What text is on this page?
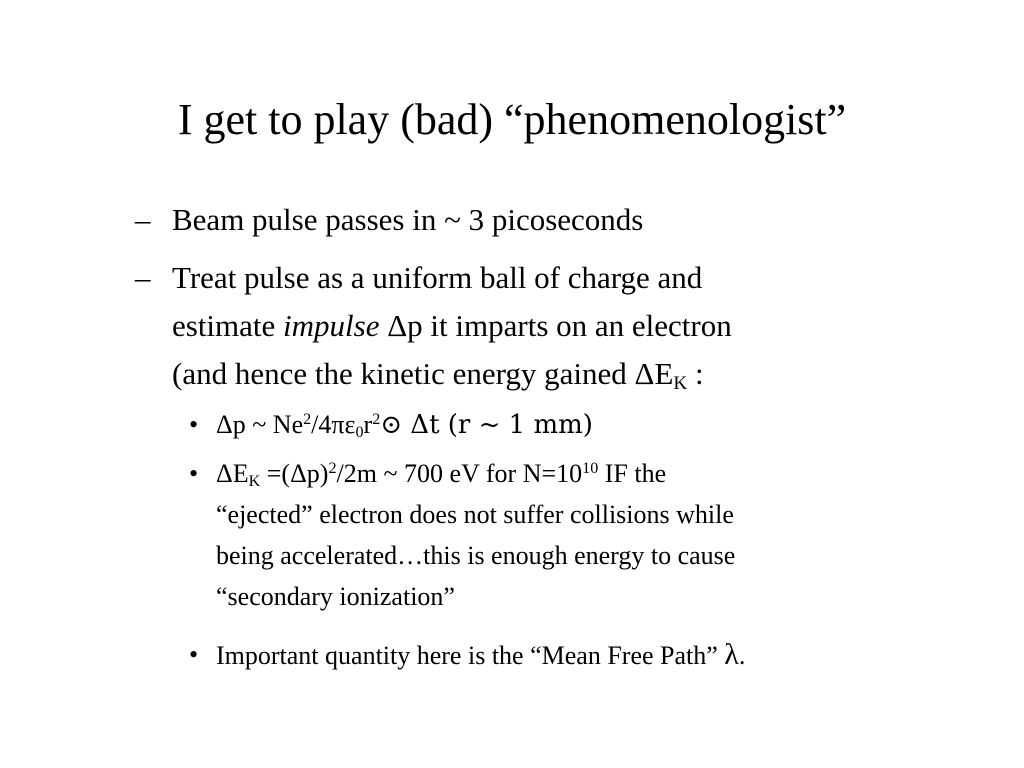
I get to play (bad) “phenomenologist”
– Beam pulse passes in ~ 3 picoseconds
– Treat pulse as a uniform ball of charge and
estimate impulse Δp it imparts on an electron
(and hence the kinetic energy gained $\Delta E_K$ :
• Δp ~ $Ne^2/4\pi\varepsilon_0r^2⊙$ Δt (r ~ 1 mm)
• $\Delta E_K =(\Delta p)^2/2m$ ~ 700 eV for $N=10^{10}$ IF the
“ejected” electron does not suffer collisions while
being accelerated…this is enough energy to cause
“secondary ionization”
• Important quantity here is the “Mean Free Path” λ.
